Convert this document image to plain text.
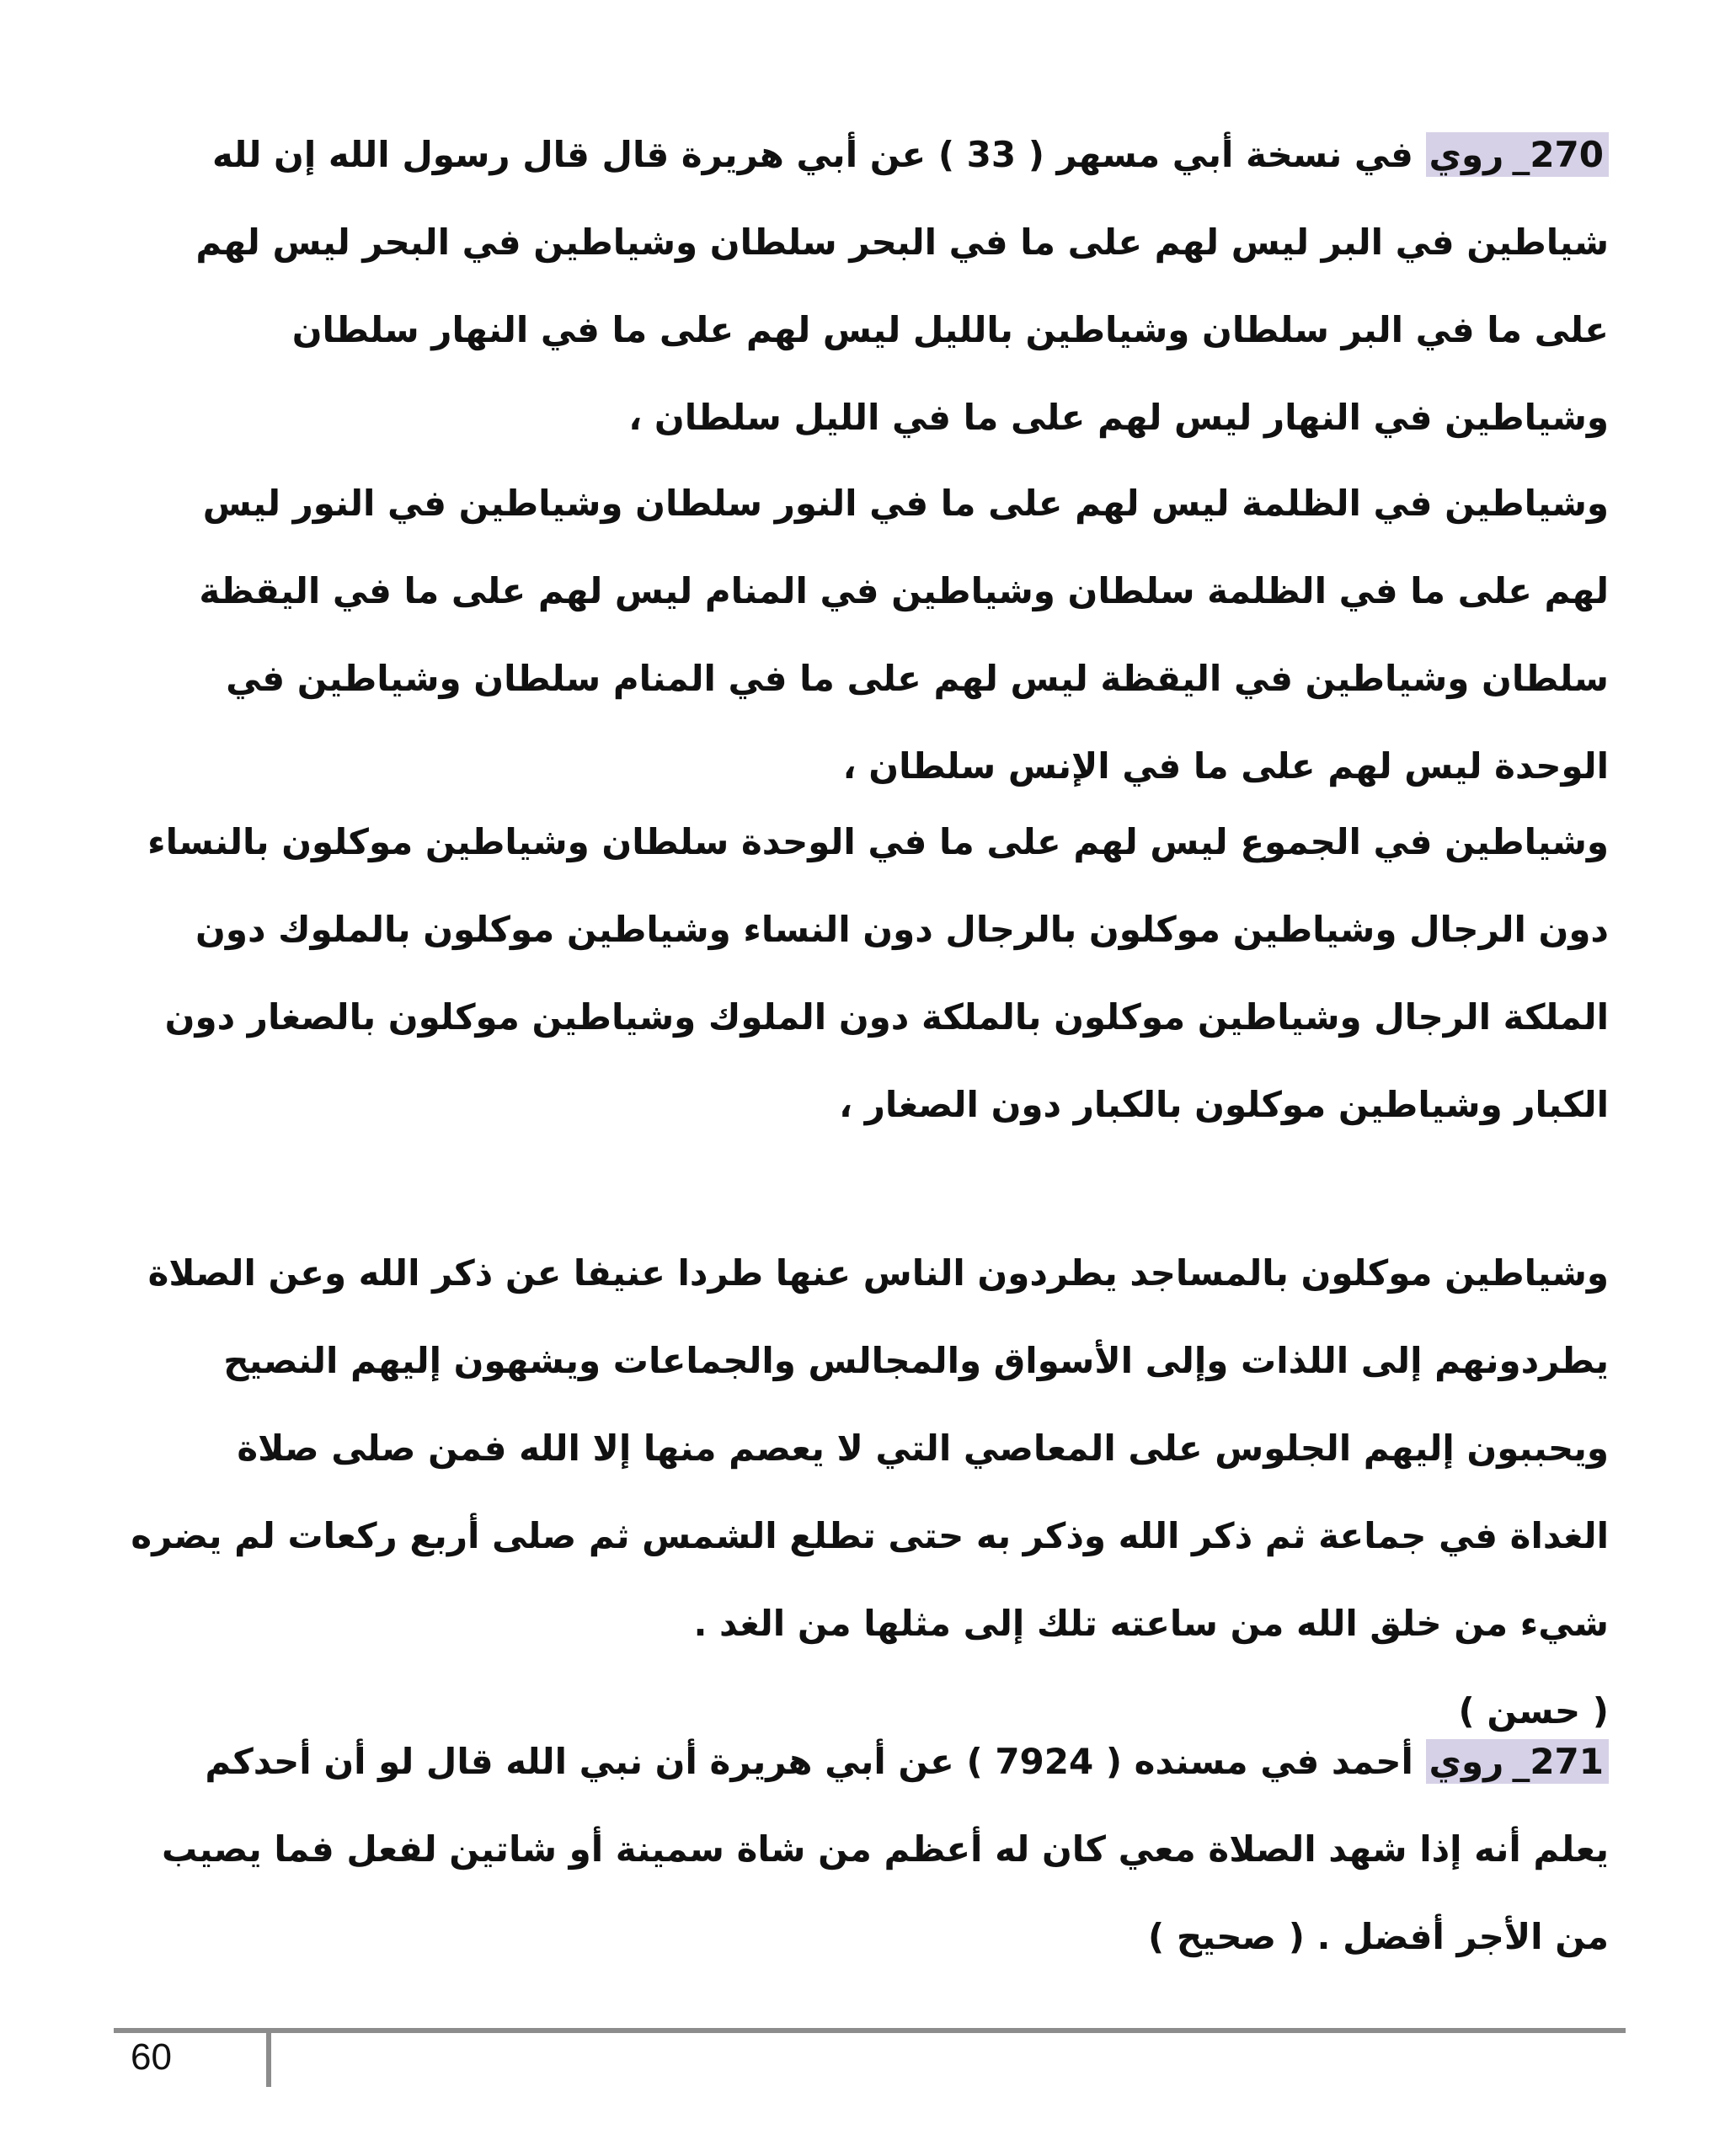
270_روي في نسخة أبي مسهر ( 33 ) عن أبي هريرة قال قال رسول الله إن لله شياطين في البر ليس لهم على ما في البحر سلطان وشياطين في البحر ليس لهم على ما في البر سلطان وشياطين بالليل ليس لهم على ما في النهار سلطان وشياطين في النهار ليس لهم على ما في الليل سلطان ،

وشياطين في الظلمة ليس لهم على ما في النور سلطان وشياطين في النور ليس لهم على ما في الظلمة سلطان وشياطين في المنام ليس لهم على ما في اليقظة سلطان وشياطين في اليقظة ليس لهم على ما في المنام سلطان وشياطين في الوحدة ليس لهم على ما في الإنس سلطان ،

وشياطين في الجموع ليس لهم على ما في الوحدة سلطان وشياطين موكلون بالنساء دون الرجال وشياطين موكلون بالرجال دون النساء وشياطين موكلون بالملوك دون الملكة الرجال وشياطين موكلون بالملكة دون الملوك وشياطين موكلون بالصغار دون الكبار وشياطين موكلون بالكبار دون الصغار ،

وشياطين موكلون بالمساجد يطردون الناس عنها طردا عنيفا عن ذكر الله وعن الصلاة يطردونهم إلى اللذات وإلى الأسواق والمجالس والجماعات ويشهون إليهم النصيح ويحببون إليهم الجلوس على المعاصي التي لا يعصم منها إلا الله فمن صلى صلاة الغداة في جماعة ثم ذكر الله وذكر به حتى تطلع الشمس ثم صلى أربع ركعات لم يضره شيء من خلق الله من ساعته تلك إلى مثلها من الغد .

( حسن )

271_روي أحمد في مسنده ( 7924 ) عن أبي هريرة أن نبي الله قال لو أن أحدكم يعلم أنه إذا شهد الصلاة معي كان له أعظم من شاة سمينة أو شاتين لفعل فما يصيب من الأجر أفضل . ( صحيح )

60
